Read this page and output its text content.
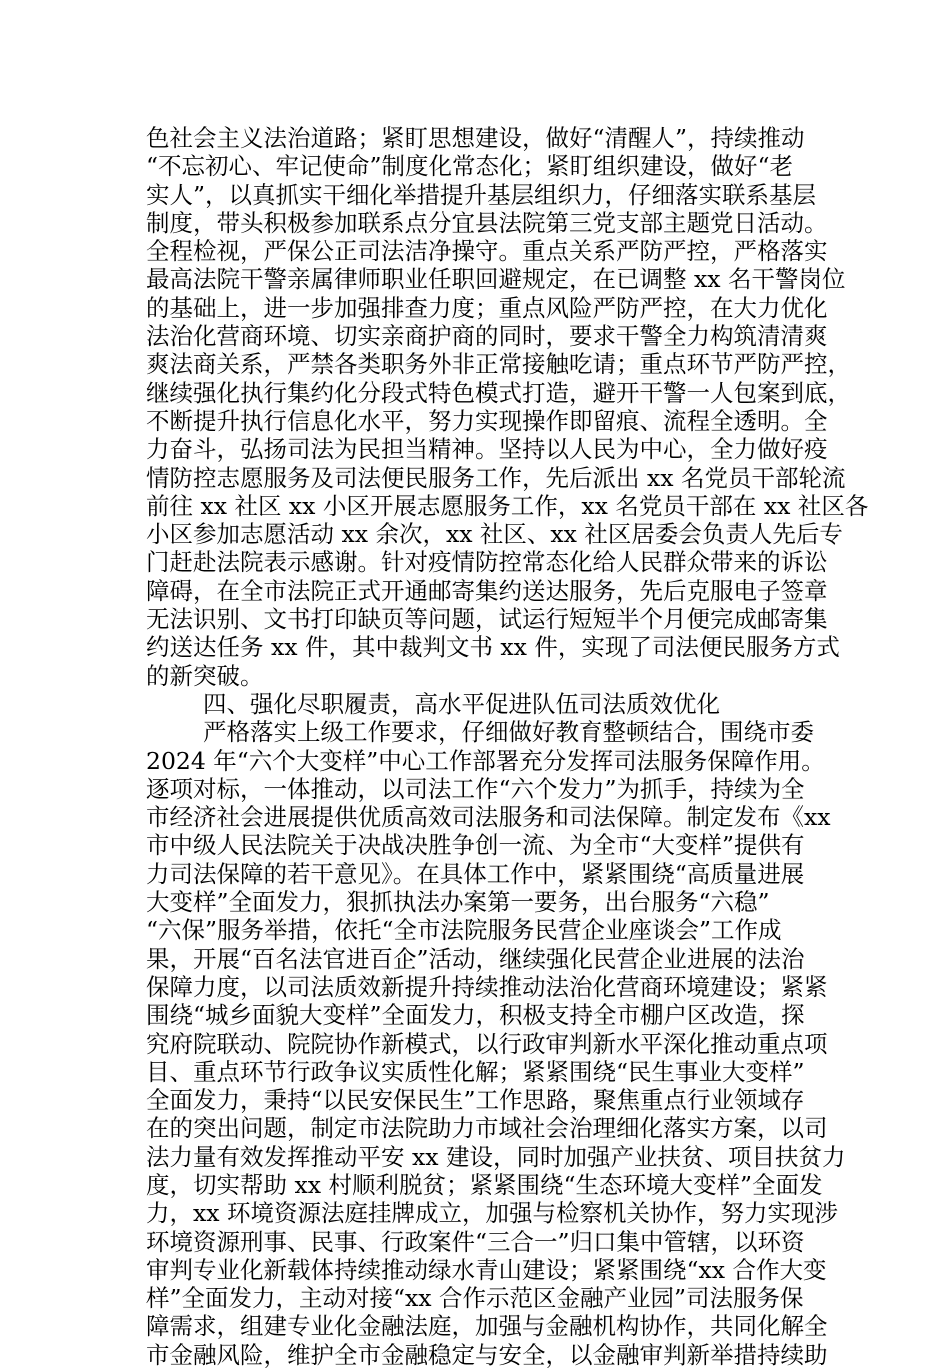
色社会主义法治道路；紧盯思想建设，做好“清醒人”，持续推动
“不忘初心、牢记使命”制度化常态化；紧盯组织建设，做好“老
实人”，以真抓实干细化举措提升基层组织力，仔细落实联系基层
制度，带头积极参加联系点分宜县法院第三党支部主题党日活动。
全程检视，严保公正司法洁净操守。重点关系严防严控，严格落实
最高法院干警亲属律师职业任职回避规定，在已调整 xx 名干警岗位
的基础上，进一步加强排查力度；重点风险严防严控，在大力优化
法治化营商环境、切实亲商护商的同时，要求干警全力构筑清清爽
爽法商关系，严禁各类职务外非正常接触吃请；重点环节严防严控，
继续强化执行集约化分段式特色模式打造，避开干警一人包案到底，
不断提升执行信息化水平，努力实现操作即留痕、流程全透明。全
力奋斗，弘扬司法为民担当精神。坚持以人民为中心，全力做好疫
情防控志愿服务及司法便民服务工作，先后派出 xx 名党员干部轮流
前往 xx 社区 xx 小区开展志愿服务工作，xx 名党员干部在 xx 社区各
小区参加志愿活动 xx 余次，xx 社区、xx 社区居委会负责人先后专
门赶赴法院表示感谢。针对疫情防控常态化给人民群众带来的诉讼
障碍，在全市法院正式开通邮寄集约送达服务，先后克服电子签章
无法识别、文书打印缺页等问题，试运行短短半个月便完成邮寄集
约送达任务 xx 件，其中裁判文书 xx 件，实现了司法便民服务方式
的新突破。
四、强化尽职履责，高水平促进队伍司法质效优化
严格落实上级工作要求，仔细做好教育整顿结合，围绕市委
2024 年“六个大变样”中心工作部署充分发挥司法服务保障作用。
逐项对标，一体推动，以司法工作“六个发力”为抓手，持续为全
市经济社会进展提供优质高效司法服务和司法保障。制定发布《xx
市中级人民法院关于决战决胜争创一流、为全市“大变样”提供有
力司法保障的若干意见》。在具体工作中，紧紧围绕“高质量进展
大变样”全面发力，狠抓执法办案第一要务，出台服务“六稳”
“六保”服务举措，依托“全市法院服务民营企业座谈会”工作成
果，开展“百名法官进百企”活动，继续强化民营企业进展的法治
保障力度，以司法质效新提升持续推动法治化营商环境建设；紧紧
围绕“城乡面貌大变样”全面发力，积极支持全市棚户区改造，探
究府院联动、院院协作新模式，以行政审判新水平深化推动重点项
目、重点环节行政争议实质性化解；紧紧围绕“民生事业大变样”
全面发力，秉持“以民安保民生”工作思路，聚焦重点行业领域存
在的突出问题，制定市法院助力市域社会治理细化落实方案，以司
法力量有效发挥推动平安 xx 建设，同时加强产业扶贫、项目扶贫力
度，切实帮助 xx 村顺利脱贫；紧紧围绕“生态环境大变样”全面发
力，xx 环境资源法庭挂牌成立，加强与检察机关协作，努力实现涉
环境资源刑事、民事、行政案件“三合一”归口集中管辖，以环资
审判专业化新载体持续推动绿水青山建设；紧紧围绕“xx 合作大变
样”全面发力，主动对接“xx 合作示范区金融产业园”司法服务保
障需求，组建专业化金融法庭，加强与金融机构协作，共同化解全
市金融风险，维护全市金融稳定与安全，以金融审判新举措持续助
